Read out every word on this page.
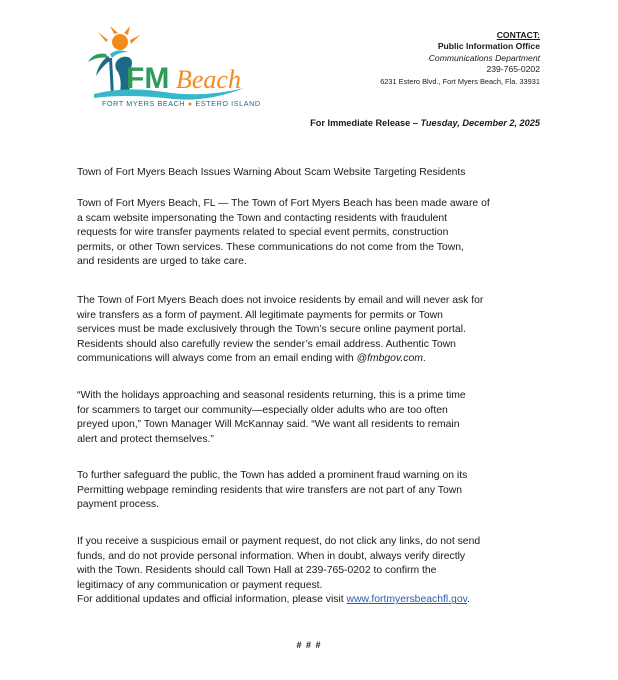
FM Beach
FORT MYERS BEACH ● ESTERO ISLAND
CONTACT:
Public Information Office
Communications Department
239-765-0202
6231 Estero Blvd., Fort Myers Beach, Fla. 33931
For Immediate Release – Tuesday, December 2, 2025
Town of Fort Myers Beach Issues Warning About Scam Website Targeting Residents
Town of Fort Myers Beach, FL — The Town of Fort Myers Beach has been made aware of
a scam website impersonating the Town and contacting residents with fraudulent
requests for wire transfer payments related to special event permits, construction
permits, or other Town services. These communications do not come from the Town,
and residents are urged to take care.
The Town of Fort Myers Beach does not invoice residents by email and will never ask for
wire transfers as a form of payment. All legitimate payments for permits or Town
services must be made exclusively through the Town’s secure online payment portal.
Residents should also carefully review the sender’s email address. Authentic Town
communications will always come from an email ending with @fmbgov.com.
“With the holidays approaching and seasonal residents returning, this is a prime time
for scammers to target our community—especially older adults who are too often
preyed upon,” Town Manager Will McKannay said. “We want all residents to remain
alert and protect themselves.”
To further safeguard the public, the Town has added a prominent fraud warning on its
Permitting webpage reminding residents that wire transfers are not part of any Town
payment process.
If you receive a suspicious email or payment request, do not click any links, do not send
funds, and do not provide personal information. When in doubt, always verify directly
with the Town. Residents should call Town Hall at 239-765-0202 to confirm the
legitimacy of any communication or payment request.
For additional updates and official information, please visit www.fortmyersbeachfl.gov.
# # #
